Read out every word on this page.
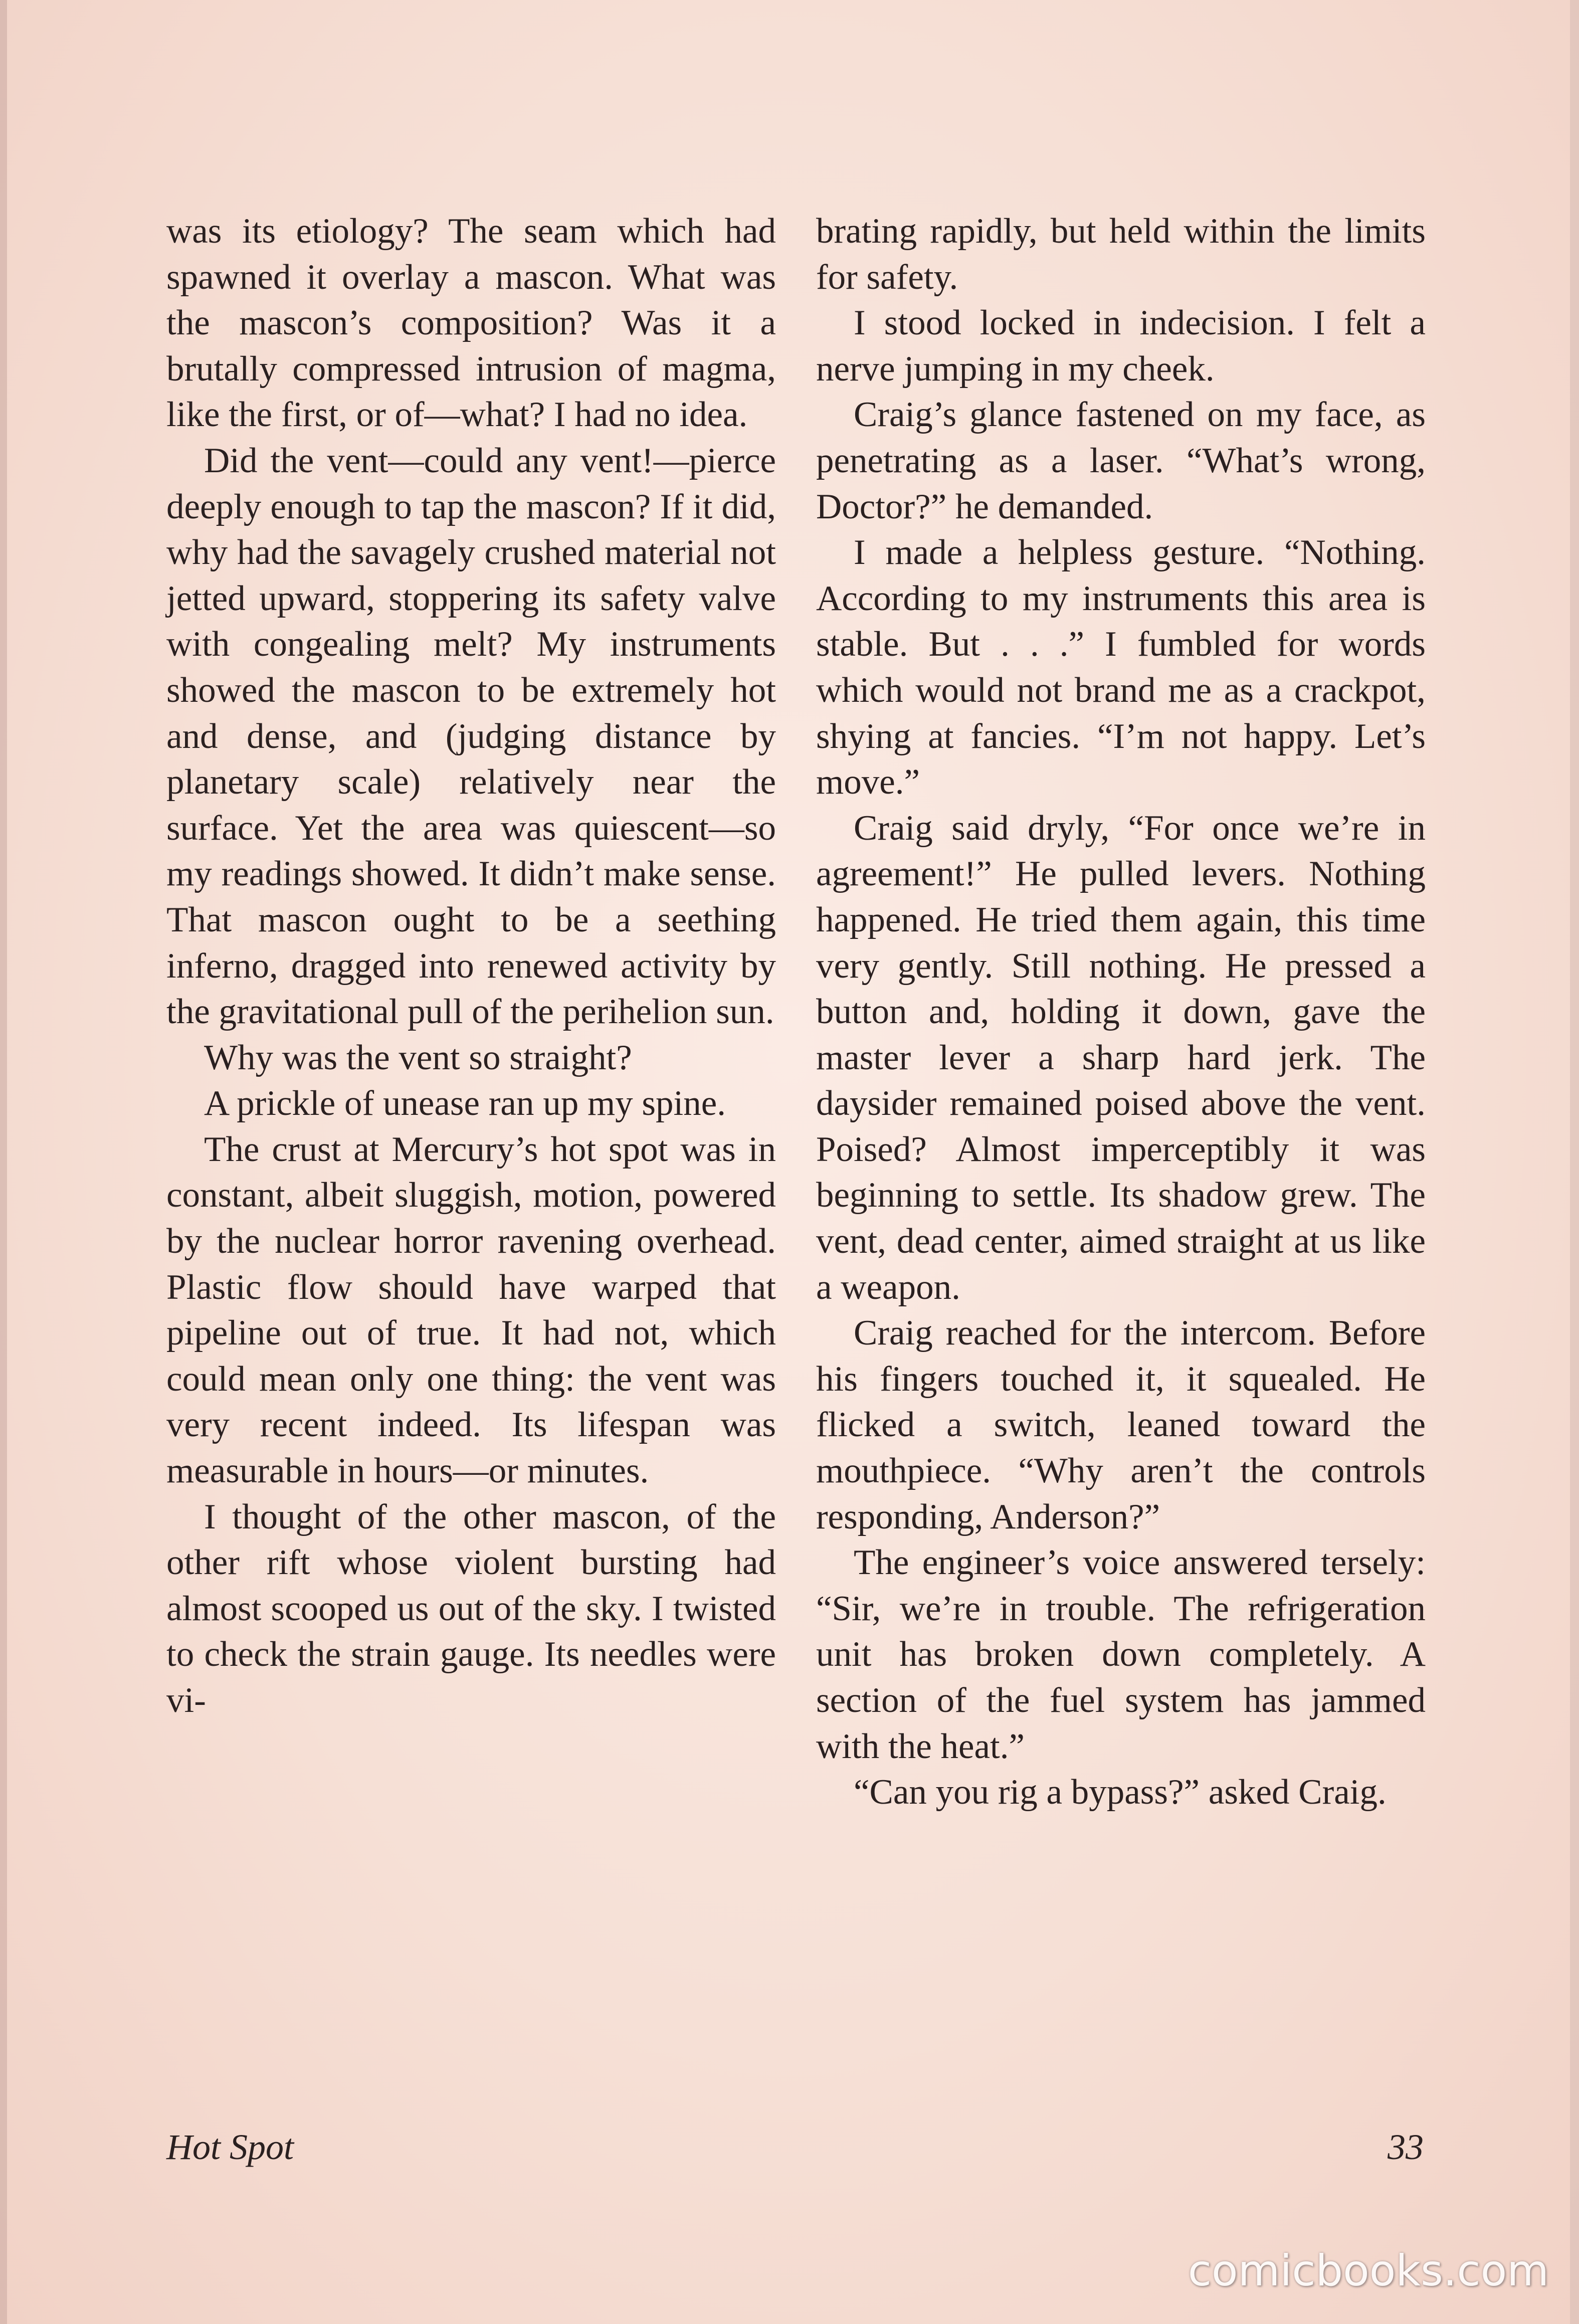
was its etiology? The seam which had spawned it overlay a mascon. What was the mascon’s composition? Was it a brutally compressed intrusion of magma, like the first, or of—what? I had no idea.

Did the vent—could any vent!—pierce deeply enough to tap the mascon? If it did, why had the savagely crushed material not jetted upward, stoppering its safety valve with congealing melt? My instruments showed the mascon to be extremely hot and dense, and (judging distance by planetary scale) relatively near the surface. Yet the area was quiescent—so my readings showed. It didn’t make sense. That mascon ought to be a seething inferno, dragged into renewed activity by the gravitational pull of the perihelion sun.

Why was the vent so straight?

A prickle of unease ran up my spine.

The crust at Mercury’s hot spot was in constant, albeit sluggish, motion, powered by the nuclear horror ravening overhead. Plastic flow should have warped that pipeline out of true. It had not, which could mean only one thing: the vent was very recent indeed. Its lifespan was measurable in hours—or minutes.

I thought of the other mascon, of the other rift whose violent bursting had almost scooped us out of the sky. I twisted to check the strain gauge. Its needles were vi-

brating rapidly, but held within the limits for safety.

I stood locked in indecision. I felt a nerve jumping in my cheek.

Craig’s glance fastened on my face, as penetrating as a laser. “What’s wrong, Doctor?” he demanded.

I made a helpless gesture. “Nothing. According to my instruments this area is stable. But . . .” I fumbled for words which would not brand me as a crackpot, shying at fancies. “I’m not happy. Let’s move.”

Craig said dryly, “For once we’re in agreement!” He pulled levers. Nothing happened. He tried them again, this time very gently. Still nothing. He pressed a button and, holding it down, gave the master lever a sharp hard jerk. The daysider remained poised above the vent. Poised? Almost imperceptibly it was beginning to settle. Its shadow grew. The vent, dead center, aimed straight at us like a weapon.

Craig reached for the intercom. Before his fingers touched it, it squealed. He flicked a switch, leaned toward the mouthpiece. “Why aren’t the controls responding, Anderson?”

The engineer’s voice answered tersely: “Sir, we’re in trouble. The refrigeration unit has broken down completely. A section of the fuel system has jammed with the heat.”

“Can you rig a bypass?” asked Craig.

Hot Spot	33
comicbooks.com
